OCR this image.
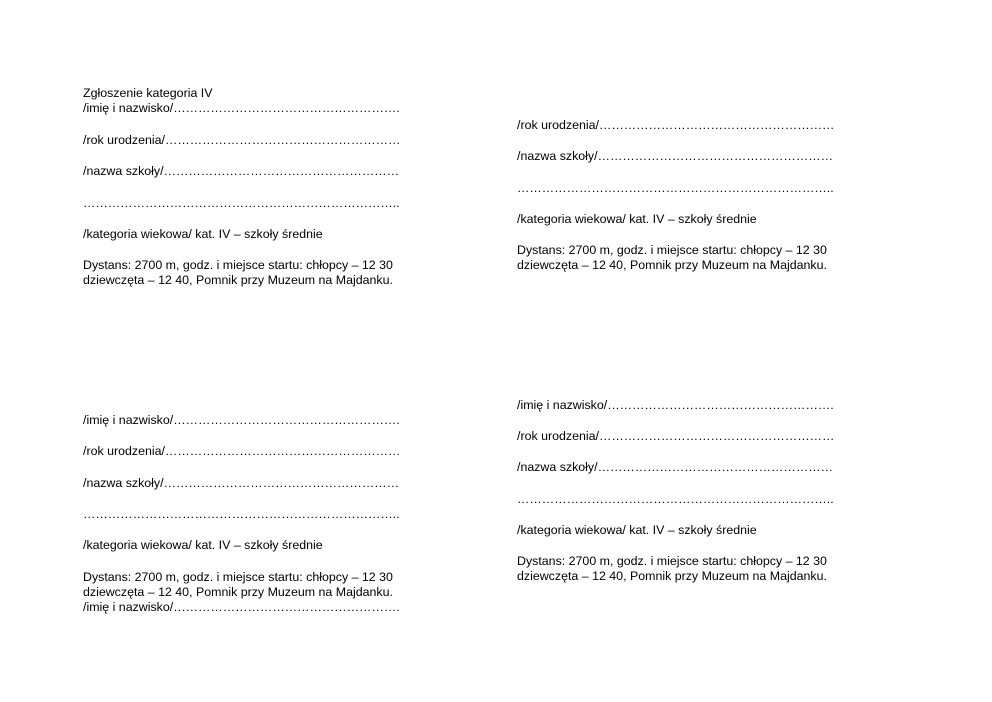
Zgłoszenie kategoria IV
/imię i nazwisko/……………………………………………….
/rok urodzenia/…………………………………………………
/nazwa szkoły/…………………………………………………
…………………………………………………………………..
/kategoria wiekowa/ kat. IV – szkoły średnie
Dystans: 2700 m, godz. i miejsce startu: chłopcy – 12 30
dziewczęta – 12 40, Pomnik przy Muzeum na Majdanku.
/rok urodzenia/…………………………………………………
/nazwa szkoły/…………………………………………………
…………………………………………………………………..
/kategoria wiekowa/ kat. IV – szkoły średnie
Dystans: 2700 m, godz. i miejsce startu: chłopcy – 12 30
dziewczęta – 12 40, Pomnik przy Muzeum na Majdanku.
/imię i nazwisko/……………………………………………….
/rok urodzenia/…………………………………………………
/nazwa szkoły/…………………………………………………
…………………………………………………………………..
/kategoria wiekowa/ kat. IV – szkoły średnie
Dystans: 2700 m, godz. i miejsce startu: chłopcy – 12 30
dziewczęta – 12 40, Pomnik przy Muzeum na Majdanku.
/imię i nazwisko/……………………………………………….
/imię i nazwisko/……………………………………………….
/rok urodzenia/…………………………………………………
/nazwa szkoły/…………………………………………………
…………………………………………………………………..
/kategoria wiekowa/ kat. IV – szkoły średnie
Dystans: 2700 m, godz. i miejsce startu: chłopcy – 12 30
dziewczęta – 12 40, Pomnik przy Muzeum na Majdanku.
